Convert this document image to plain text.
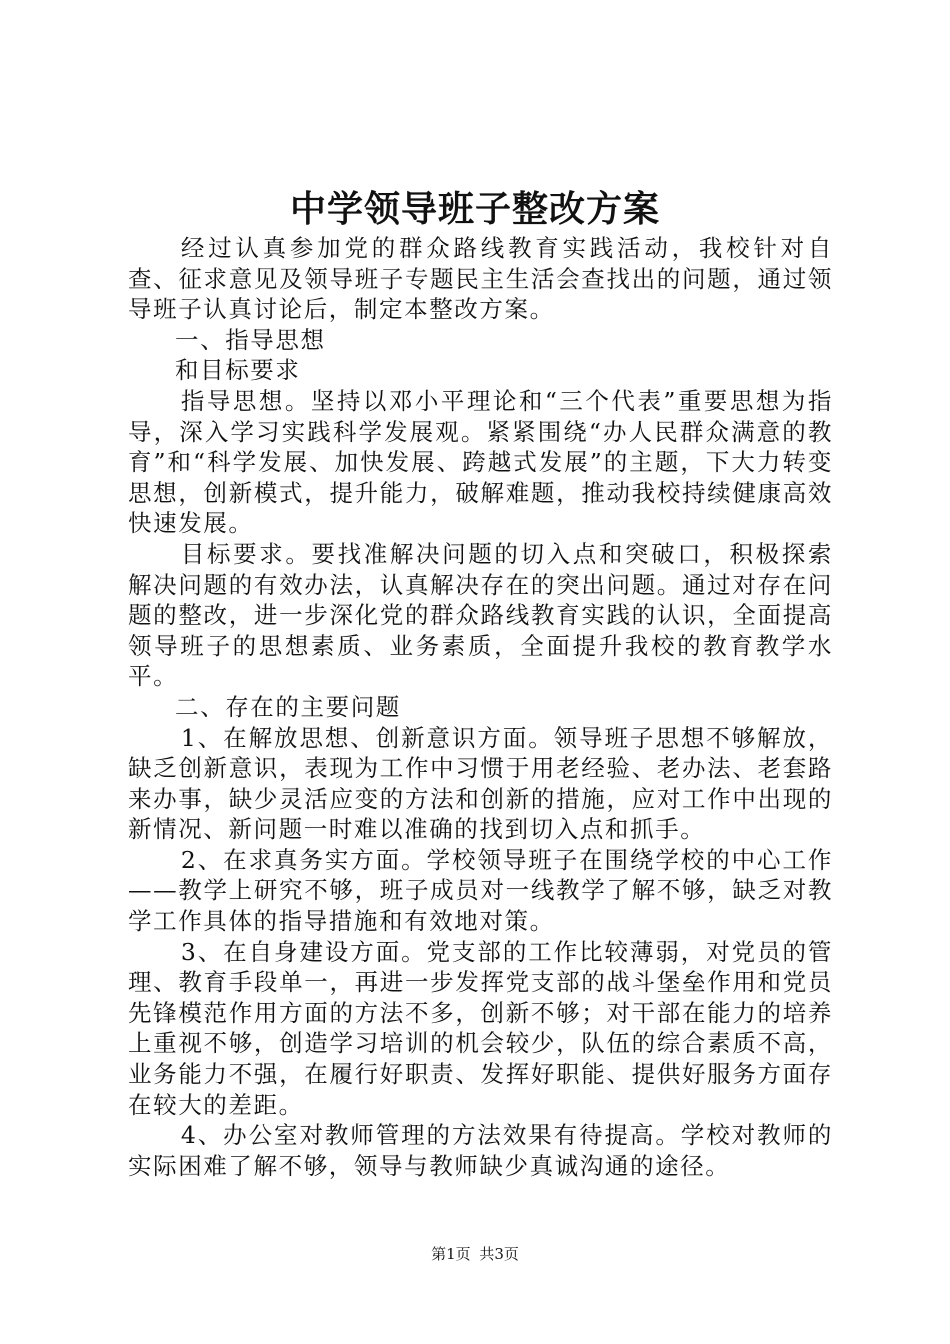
中学领导班子整改方案

经过认真参加党的群众路线教育实践活动，我校针对自查、征求意见及领导班子专题民主生活会查找出的问题，通过领导班子认真讨论后，制定本整改方案。

一、指导思想

和目标要求

指导思想。坚持以邓小平理论和“三个代表”重要思想为指导，深入学习实践科学发展观。紧紧围绕“办人民群众满意的教育”和“科学发展、加快发展、跨越式发展”的主题，下大力转变思想，创新模式，提升能力，破解难题，推动我校持续健康高效快速发展。

目标要求。要找准解决问题的切入点和突破口，积极探索解决问题的有效办法，认真解决存在的突出问题。通过对存在问题的整改，进一步深化党的群众路线教育实践的认识，全面提高领导班子的思想素质、业务素质，全面提升我校的教育教学水平。

二、存在的主要问题

1、在解放思想、创新意识方面。领导班子思想不够解放，缺乏创新意识，表现为工作中习惯于用老经验、老办法、老套路来办事，缺少灵活应变的方法和创新的措施，应对工作中出现的新情况、新问题一时难以准确的找到切入点和抓手。

2、在求真务实方面。学校领导班子在围绕学校的中心工作——教学上研究不够，班子成员对一线教学了解不够，缺乏对教学工作具体的指导措施和有效地对策。

3、在自身建设方面。党支部的工作比较薄弱，对党员的管理、教育手段单一，再进一步发挥党支部的战斗堡垒作用和党员先锋模范作用方面的方法不多，创新不够；对干部在能力的培养上重视不够，创造学习培训的机会较少，队伍的综合素质不高，业务能力不强，在履行好职责、发挥好职能、提供好服务方面存在较大的差距。

4、办公室对教师管理的方法效果有待提高。学校对教师的实际困难了解不够，领导与教师缺少真诚沟通的途径。

第1页 共3页
